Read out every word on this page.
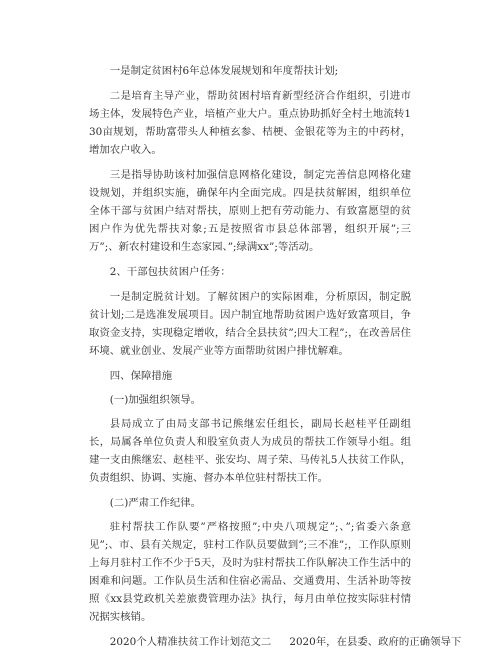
一是制定贫困村6年总体发展规划和年度帮扶计划;

二是培育主导产业，帮助贫困村培育新型经济合作组织，引进市场主体，发展特色产业，培植产业大户。重点协助抓好全村土地流转130亩规划，帮助富带头人种植玄参、桔梗、金银花等为主的中药材，增加农户收入。

三是指导协助该村加强信息网格化建设，制定完善信息网格化建设规划，并组织实施，确保年内全面完成。四是扶贫解困，组织单位全体干部与贫困户结对帮扶，原则上把有劳动能力、有致富愿望的贫困户作为优先帮扶对象;五是按照省市县总体部署，组织开展”;三万”;、新农村建设和生态家园、”;绿满xx”;等活动。

2、干部包扶贫困户任务：

一是制定脱贫计划。了解贫困户的实际困难，分析原因，制定脱贫计划;二是选准发展项目。因户制宜地帮助贫困户选好致富项目，争取资金支持，实现稳定增收，结合全县扶贫”;四大工程”;，在改善居住环境、就业创业、发展产业等方面帮助贫困户排忧解难。

四、保障措施

(一)加强组织领导。

县局成立了由局支部书记熊继宏任组长，副局长赵桂平任副组长，局属各单位负责人和股室负责人为成员的帮扶工作领导小组。组建一支由熊继宏、赵桂平、张安均、周子荣、马传礼5人扶贫工作队，负责组织、协调、实施、督办本单位驻村帮扶工作。

(二)严肃工作纪律。

驻村帮扶工作队要”严格按照”;中央八项规定”;、”;省委六条意见”;、市、县有关规定，驻村工作队员要做到”;三不准”;，工作队原则上每月驻村工作不少于5天，及时为驻村帮扶工作队解决工作生活中的困难和问题。工作队员生活和住宿必需品、交通费用、生活补助等按照《xx县党政机关差旅费管理办法》执行，每月由单位按实际驻村情况据实核销。

2020个人精准扶贫工作计划范文二 2020年，在县委、政府的正确领导下
